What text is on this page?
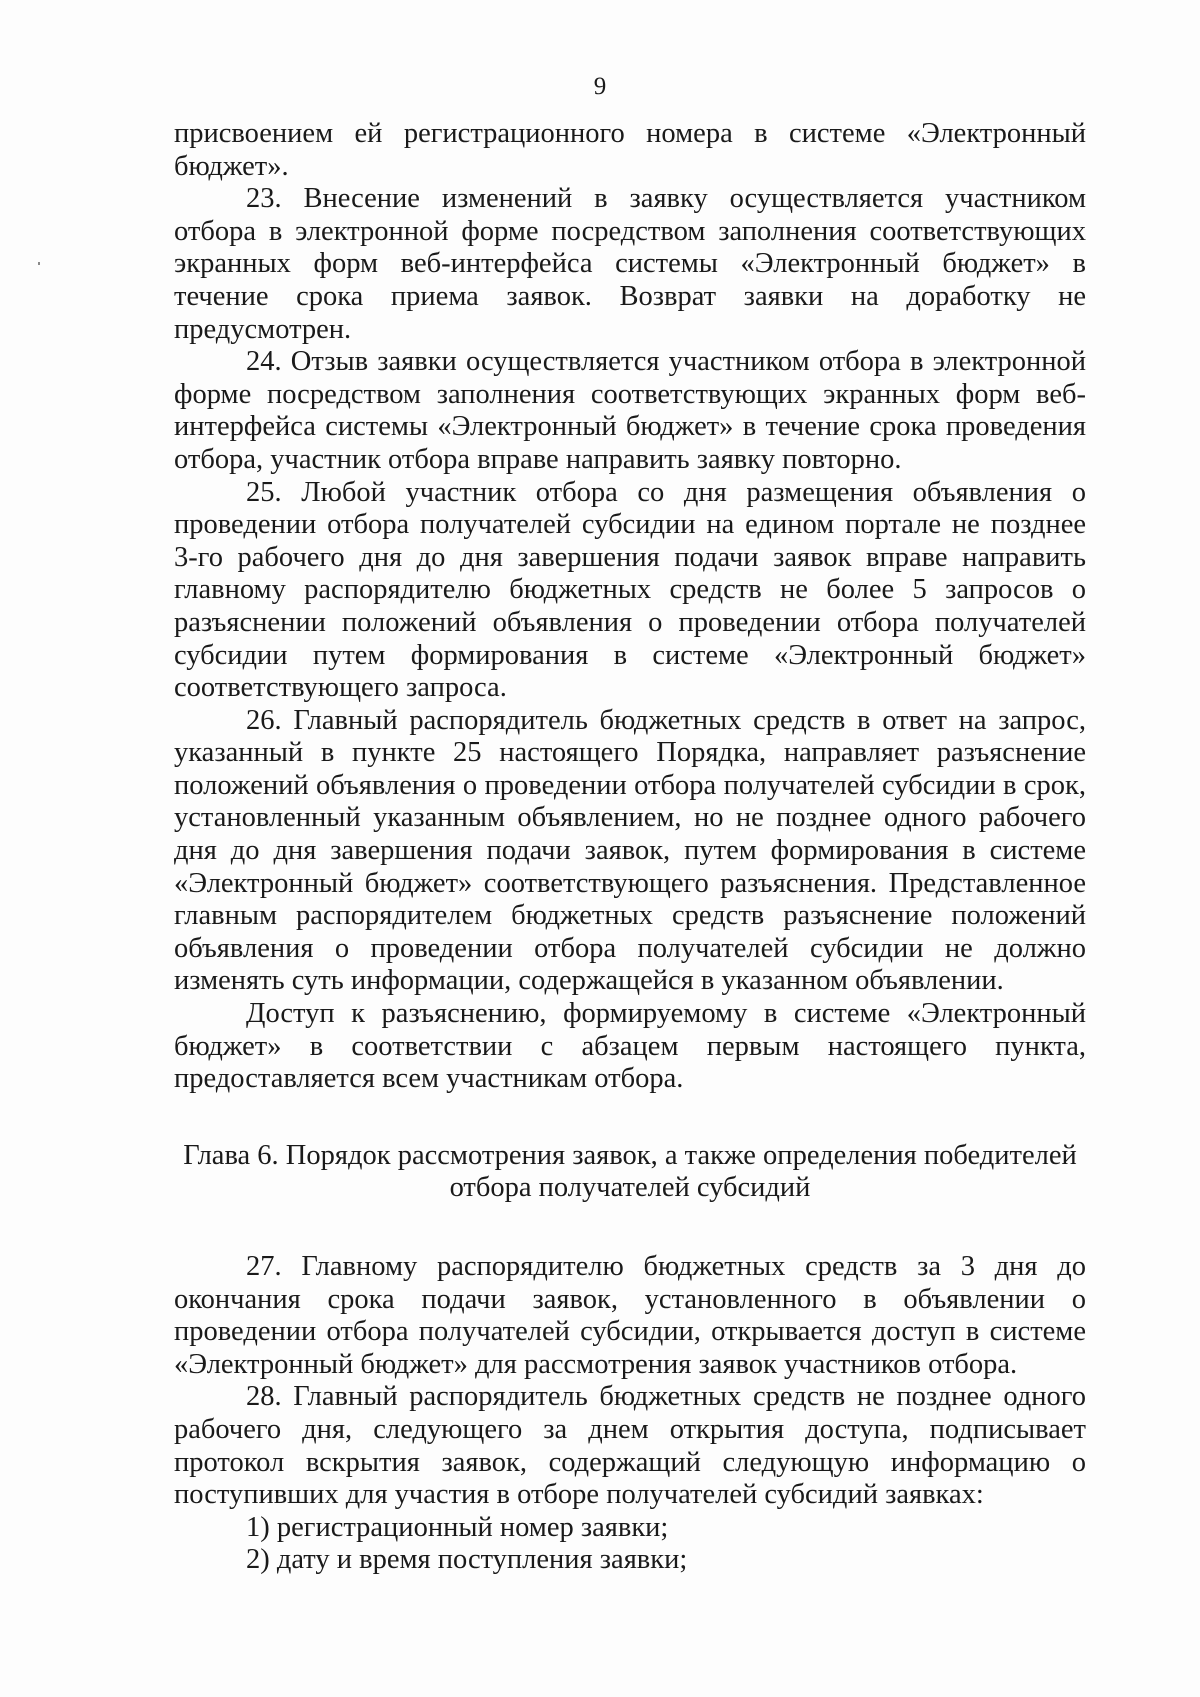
9

присвоением ей регистрационного номера в системе «Электронный бюджет».

23. Внесение изменений в заявку осуществляется участником отбора в электронной форме посредством заполнения соответствующих экранных форм веб-интерфейса системы «Электронный бюджет» в течение срока приема заявок. Возврат заявки на доработку не предусмотрен.

24. Отзыв заявки осуществляется участником отбора в электронной форме посредством заполнения соответствующих экранных форм веб-интерфейса системы «Электронный бюджет» в течение срока проведения отбора, участник отбора вправе направить заявку повторно.

25. Любой участник отбора со дня размещения объявления о проведении отбора получателей субсидии на едином портале не позднее 3-го рабочего дня до дня завершения подачи заявок вправе направить главному распорядителю бюджетных средств не более 5 запросов о разъяснении положений объявления о проведении отбора получателей субсидии путем формирования в системе «Электронный бюджет» соответствующего запроса.

26. Главный распорядитель бюджетных средств в ответ на запрос, указанный в пункте 25 настоящего Порядка, направляет разъяснение положений объявления о проведении отбора получателей субсидии в срок, установленный указанным объявлением, но не позднее одного рабочего дня до дня завершения подачи заявок, путем формирования в системе «Электронный бюджет» соответствующего разъяснения. Представленное главным распорядителем бюджетных средств разъяснение положений объявления о проведении отбора получателей субсидии не должно изменять суть информации, содержащейся в указанном объявлении.

Доступ к разъяснению, формируемому в системе «Электронный бюджет» в соответствии с абзацем первым настоящего пункта, предоставляется всем участникам отбора.

Глава 6. Порядок рассмотрения заявок, а также определения победителей
отбора получателей субсидий

27. Главному распорядителю бюджетных средств за 3 дня до окончания срока подачи заявок, установленного в объявлении о проведении отбора получателей субсидии, открывается доступ в системе «Электронный бюджет» для рассмотрения заявок участников отбора.

28. Главный распорядитель бюджетных средств не позднее одного рабочего дня, следующего за днем открытия доступа, подписывает протокол вскрытия заявок, содержащий следующую информацию о поступивших для участия в отборе получателей субсидий заявках:

1) регистрационный номер заявки;

2) дату и время поступления заявки;
